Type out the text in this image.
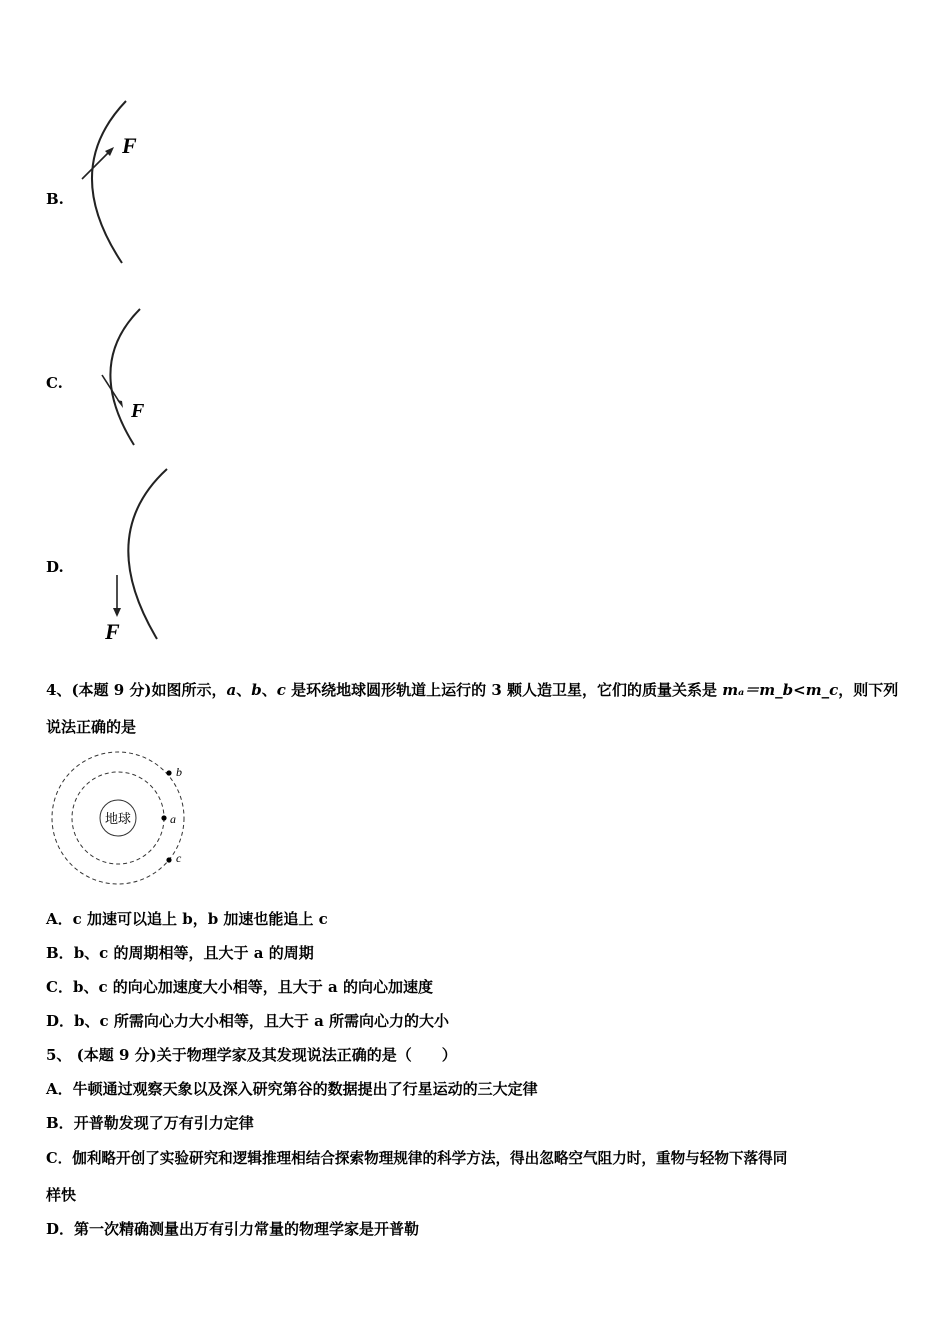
B.
F
C.
F
D.
F
4、(本题 9 分)如图所示，a、b、c 是环绕地球圆形轨道上运行的 3 颗人造卫星，它们的质量关系是 mₐ＝m_b<m_c，则下列
说法正确的是
地球	a
b
c
A．c 加速可以追上 b，b 加速也能追上 c
B．b、c 的周期相等，且大于 a 的周期
C．b、c 的向心加速度大小相等，且大于 a 的向心加速度
D．b、c 所需向心力大小相等，且大于 a 所需向心力的大小
5、 (本题 9 分)关于物理学家及其发现说法正确的是（　　）
A．牛顿通过观察天象以及深入研究第谷的数据提出了行星运动的三大定律
B．开普勒发现了万有引力定律
C．伽利略开创了实验研究和逻辑推理相结合探索物理规律的科学方法，得出忽略空气阻力时，重物与轻物下落得同
样快
D．第一次精确测量出万有引力常量的物理学家是开普勒
